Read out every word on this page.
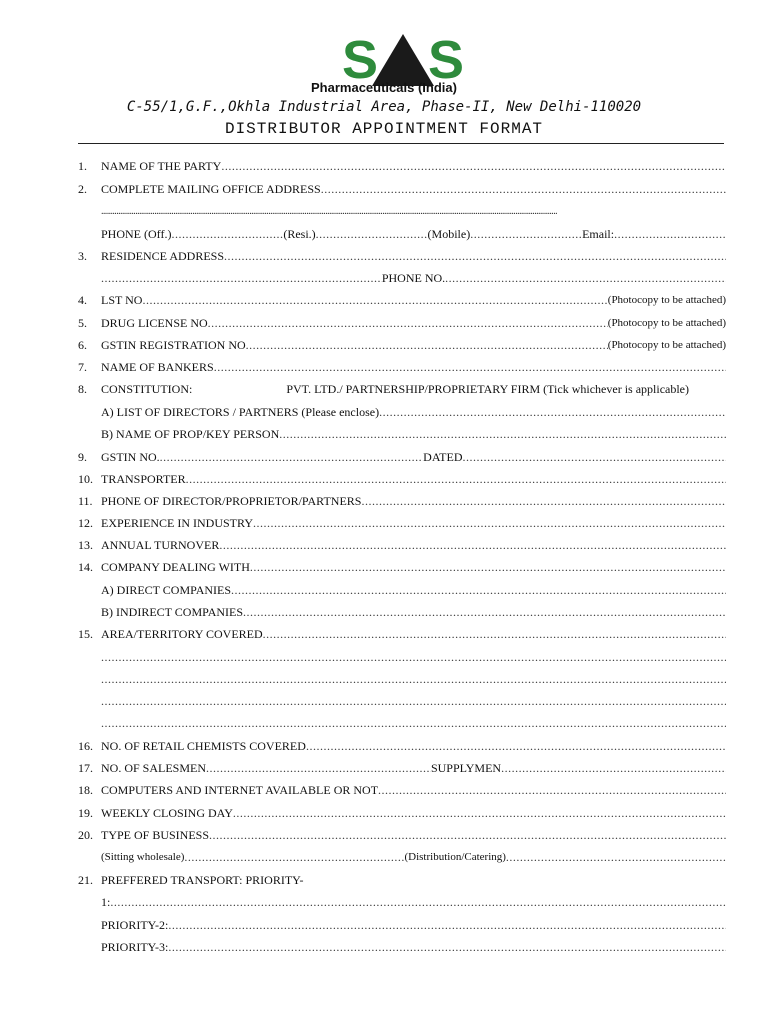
S S
Pharmaceuticals (India)
C-55/1,G.F.,Okhla Industrial Area, Phase-II, New Delhi-110020
DISTRIBUTOR APPOINTMENT FORMAT
1.	NAME OF THE PARTY
.....
2.	COMPLETE MAILING OFFICE ADDRESS
.....
.....
PHONE (Off.) .....	(Resi.) .....	(Mobile) .....	Email:
.....
3.	RESIDENCE ADDRESS
.....
.....
PHONE NO.
.....
4.	LST NO .....	(Photocopy to be attached)
5.	DRUG LICENSE NO .....	(Photocopy to be attached)
6.	GSTIN REGISTRATION NO .....	(Photocopy to be attached)
7.	NAME OF BANKERS
.....
8.	CONSTITUTION:	PVT. LTD./ PARTNERSHIP/PROPRIETARY FIRM (Tick whichever is applicable)
A) LIST OF DIRECTORS / PARTNERS (Please enclose)
.....
B) NAME OF PROP/KEY PERSON
.....
9.	GSTIN NO. .....	DATED
.....
10. TRANSPORTER
.....
11. PHONE OF DIRECTOR/PROPRIETOR/PARTNERS
.....
12. EXPERIENCE IN INDUSTRY
.....
13. ANNUAL TURNOVER
.....
14. COMPANY DEALING WITH
.....
A) DIRECT COMPANIES
.....
B) INDIRECT COMPANIES
.....
15. AREA/TERRITORY COVERED
.....
.....
.....
.....
.....
16. NO. OF RETAIL CHEMISTS COVERED
.....
17. NO. OF SALESMEN .....	SUPPLYMEN
.....
18. COMPUTERS AND INTERNET AVAILABLE OR NOT
.....
19. WEEKLY CLOSING DAY
.....
20. TYPE OF BUSINESS
.....
(Sitting wholesale) .....	(Distribution/Catering)
.....
21. PREFFERED TRANSPORT: PRIORITY-
1:
.....
PRIORITY-2:
.....
PRIORITY-3:
.....
